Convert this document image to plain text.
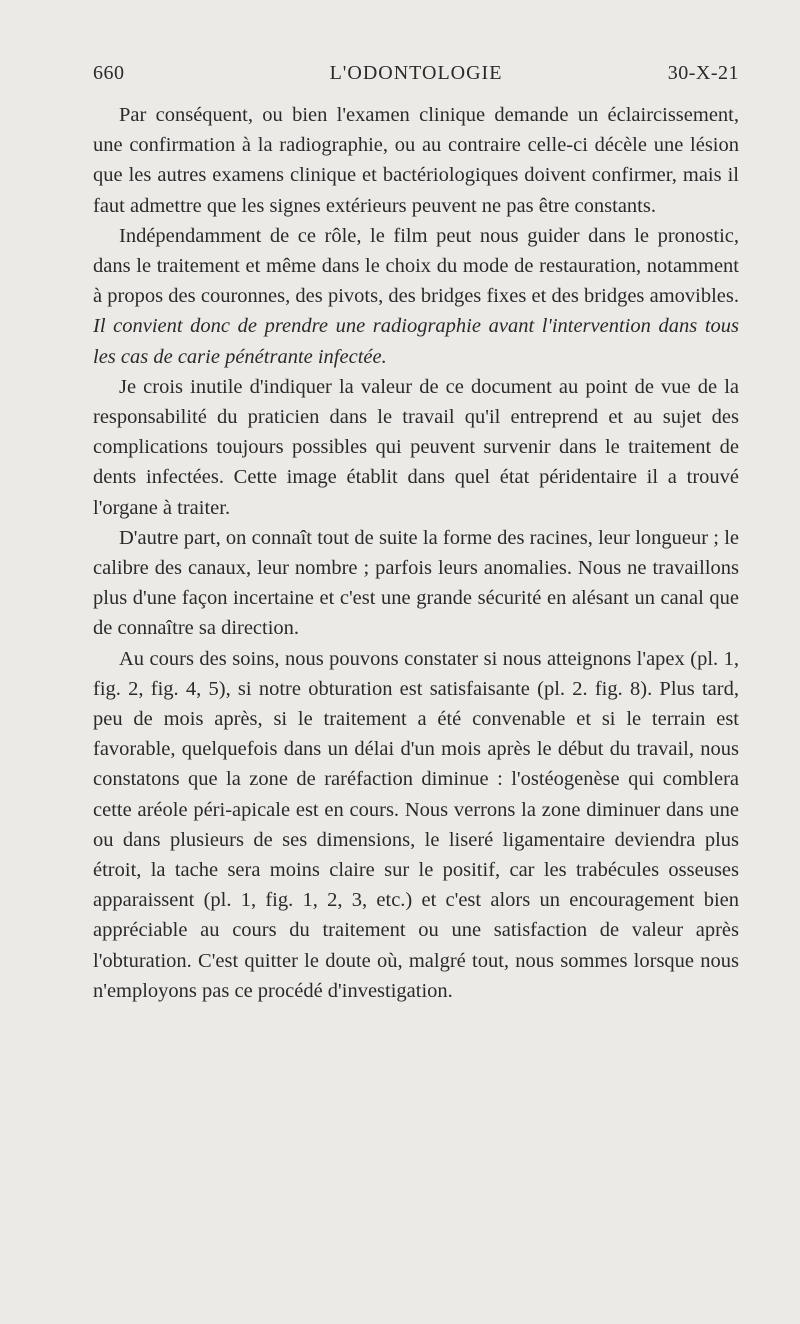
660	L'ODONTOLOGIE	30-X-21

Par conséquent, ou bien l'examen clinique demande un éclaircissement, une confirmation à la radiographie, ou au contraire celle-ci décèle une lésion que les autres examens clinique et bactériologiques doivent confirmer, mais il faut admettre que les signes extérieurs peuvent ne pas être constants.

Indépendamment de ce rôle, le film peut nous guider dans le pronostic, dans le traitement et même dans le choix du mode de restauration, notamment à propos des couronnes, des pivots, des bridges fixes et des bridges amovibles. Il convient donc de prendre une radiographie avant l'intervention dans tous les cas de carie pénétrante infectée.

Je crois inutile d'indiquer la valeur de ce document au point de vue de la responsabilité du praticien dans le travail qu'il entreprend et au sujet des complications toujours possibles qui peuvent survenir dans le traitement de dents infectées. Cette image établit dans quel état péridentaire il a trouvé l'organe à traiter.

D'autre part, on connaît tout de suite la forme des racines, leur longueur ; le calibre des canaux, leur nombre ; parfois leurs anomalies. Nous ne travaillons plus d'une façon incertaine et c'est une grande sécurité en alésant un canal que de connaître sa direction.

Au cours des soins, nous pouvons constater si nous atteignons l'apex (pl. 1, fig. 2, fig. 4, 5), si notre obturation est satisfaisante (pl. 2. fig. 8). Plus tard, peu de mois après, si le traitement a été convenable et si le terrain est favorable, quelquefois dans un délai d'un mois après le début du travail, nous constatons que la zone de raréfaction diminue : l'ostéogenèse qui comblera cette aréole péri-apicale est en cours. Nous verrons la zone diminuer dans une ou dans plusieurs de ses dimensions, le liseré ligamentaire deviendra plus étroit, la tache sera moins claire sur le positif, car les trabécules osseuses apparaissent (pl. 1, fig. 1, 2, 3, etc.) et c'est alors un encouragement bien appréciable au cours du traitement ou une satisfaction de valeur après l'obturation. C'est quitter le doute où, malgré tout, nous sommes lorsque nous n'employons pas ce procédé d'investigation.
